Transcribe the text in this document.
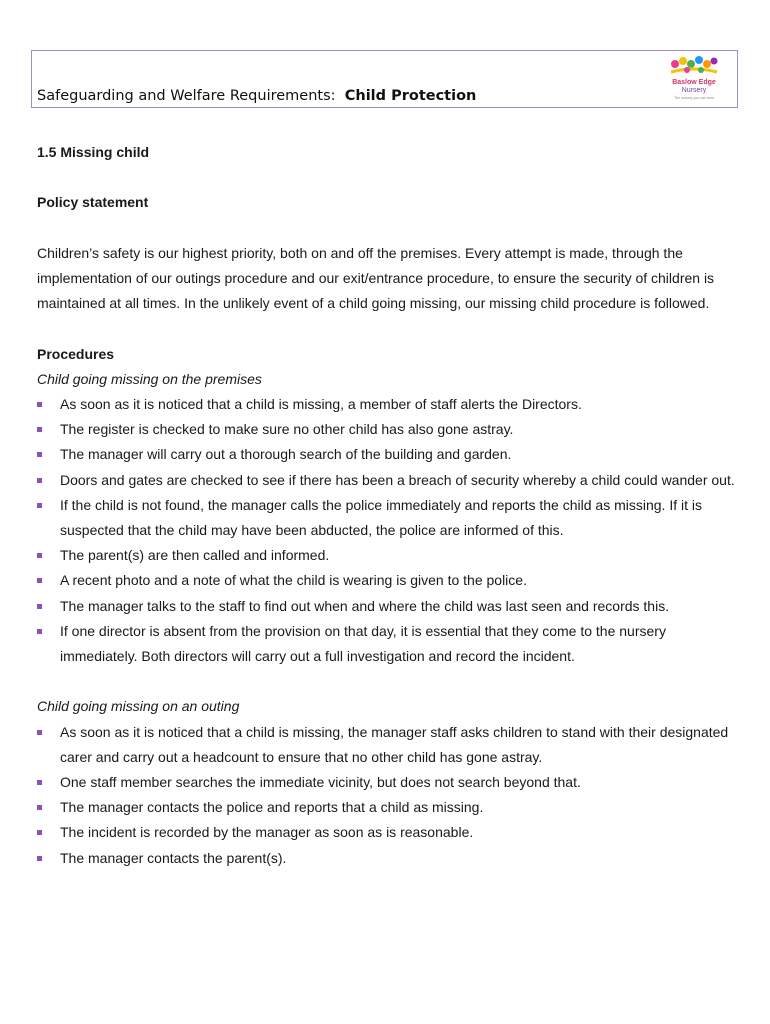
Safeguarding and Welfare Requirements: Child Protection
Baslow Edge
Nursery
The nursery you can trust

1.5 Missing child

Policy statement

Children’s safety is our highest priority, both on and off the premises. Every attempt is made, through the implementation of our outings procedure and our exit/entrance procedure, to ensure the security of children is maintained at all times. In the unlikely event of a child going missing, our missing child procedure is followed.

Procedures

Child going missing on the premises

As soon as it is noticed that a child is missing, a member of staff alerts the Directors.
The register is checked to make sure no other child has also gone astray.
The manager will carry out a thorough search of the building and garden.
Doors and gates are checked to see if there has been a breach of security whereby a child could wander out.
If the child is not found, the manager calls the police immediately and reports the child as missing. If it is suspected that the child may have been abducted, the police are informed of this.
The parent(s) are then called and informed.
A recent photo and a note of what the child is wearing is given to the police.
The manager talks to the staff to find out when and where the child was last seen and records this.
If one director is absent from the provision on that day, it is essential that they come to the nursery immediately. Both directors will carry out a full investigation and record the incident.

Child going missing on an outing

As soon as it is noticed that a child is missing, the manager staff asks children to stand with their designated carer and carry out a headcount to ensure that no other child has gone astray.
One staff member searches the immediate vicinity, but does not search beyond that.
The manager contacts the police and reports that a child as missing.
The incident is recorded by the manager as soon as is reasonable.
The manager contacts the parent(s).
